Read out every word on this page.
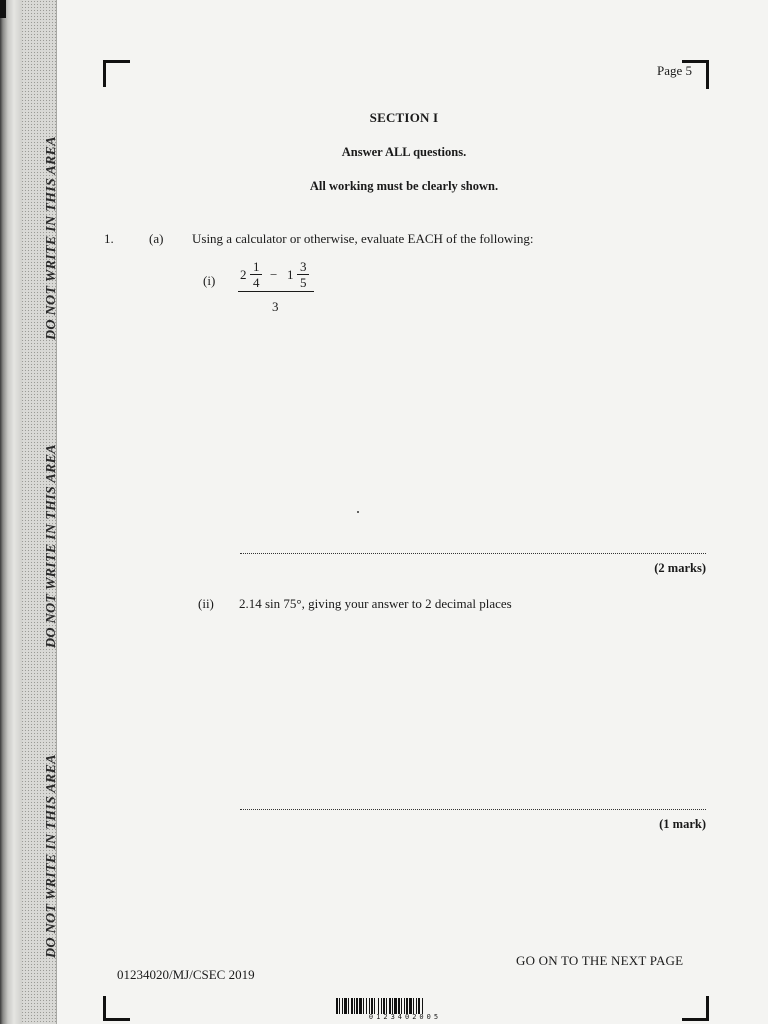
DO NOT WRITE IN THIS AREA
DO NOT WRITE IN THIS AREA
DO NOT WRITE IN THIS AREA
Page 5
SECTION I
Answer ALL questions.
All working must be clearly shown.
1.	(a) Using a calculator or otherwise, evaluate EACH of the following:
(i) 2
1
4
− 1
3
5
3
(2 marks)
(ii) 2.14 sin 75°, giving your answer to 2 decimal places
(1 mark)
GO ON TO THE NEXT PAGE
01234020/MJ/CSEC 2019
0123402005
